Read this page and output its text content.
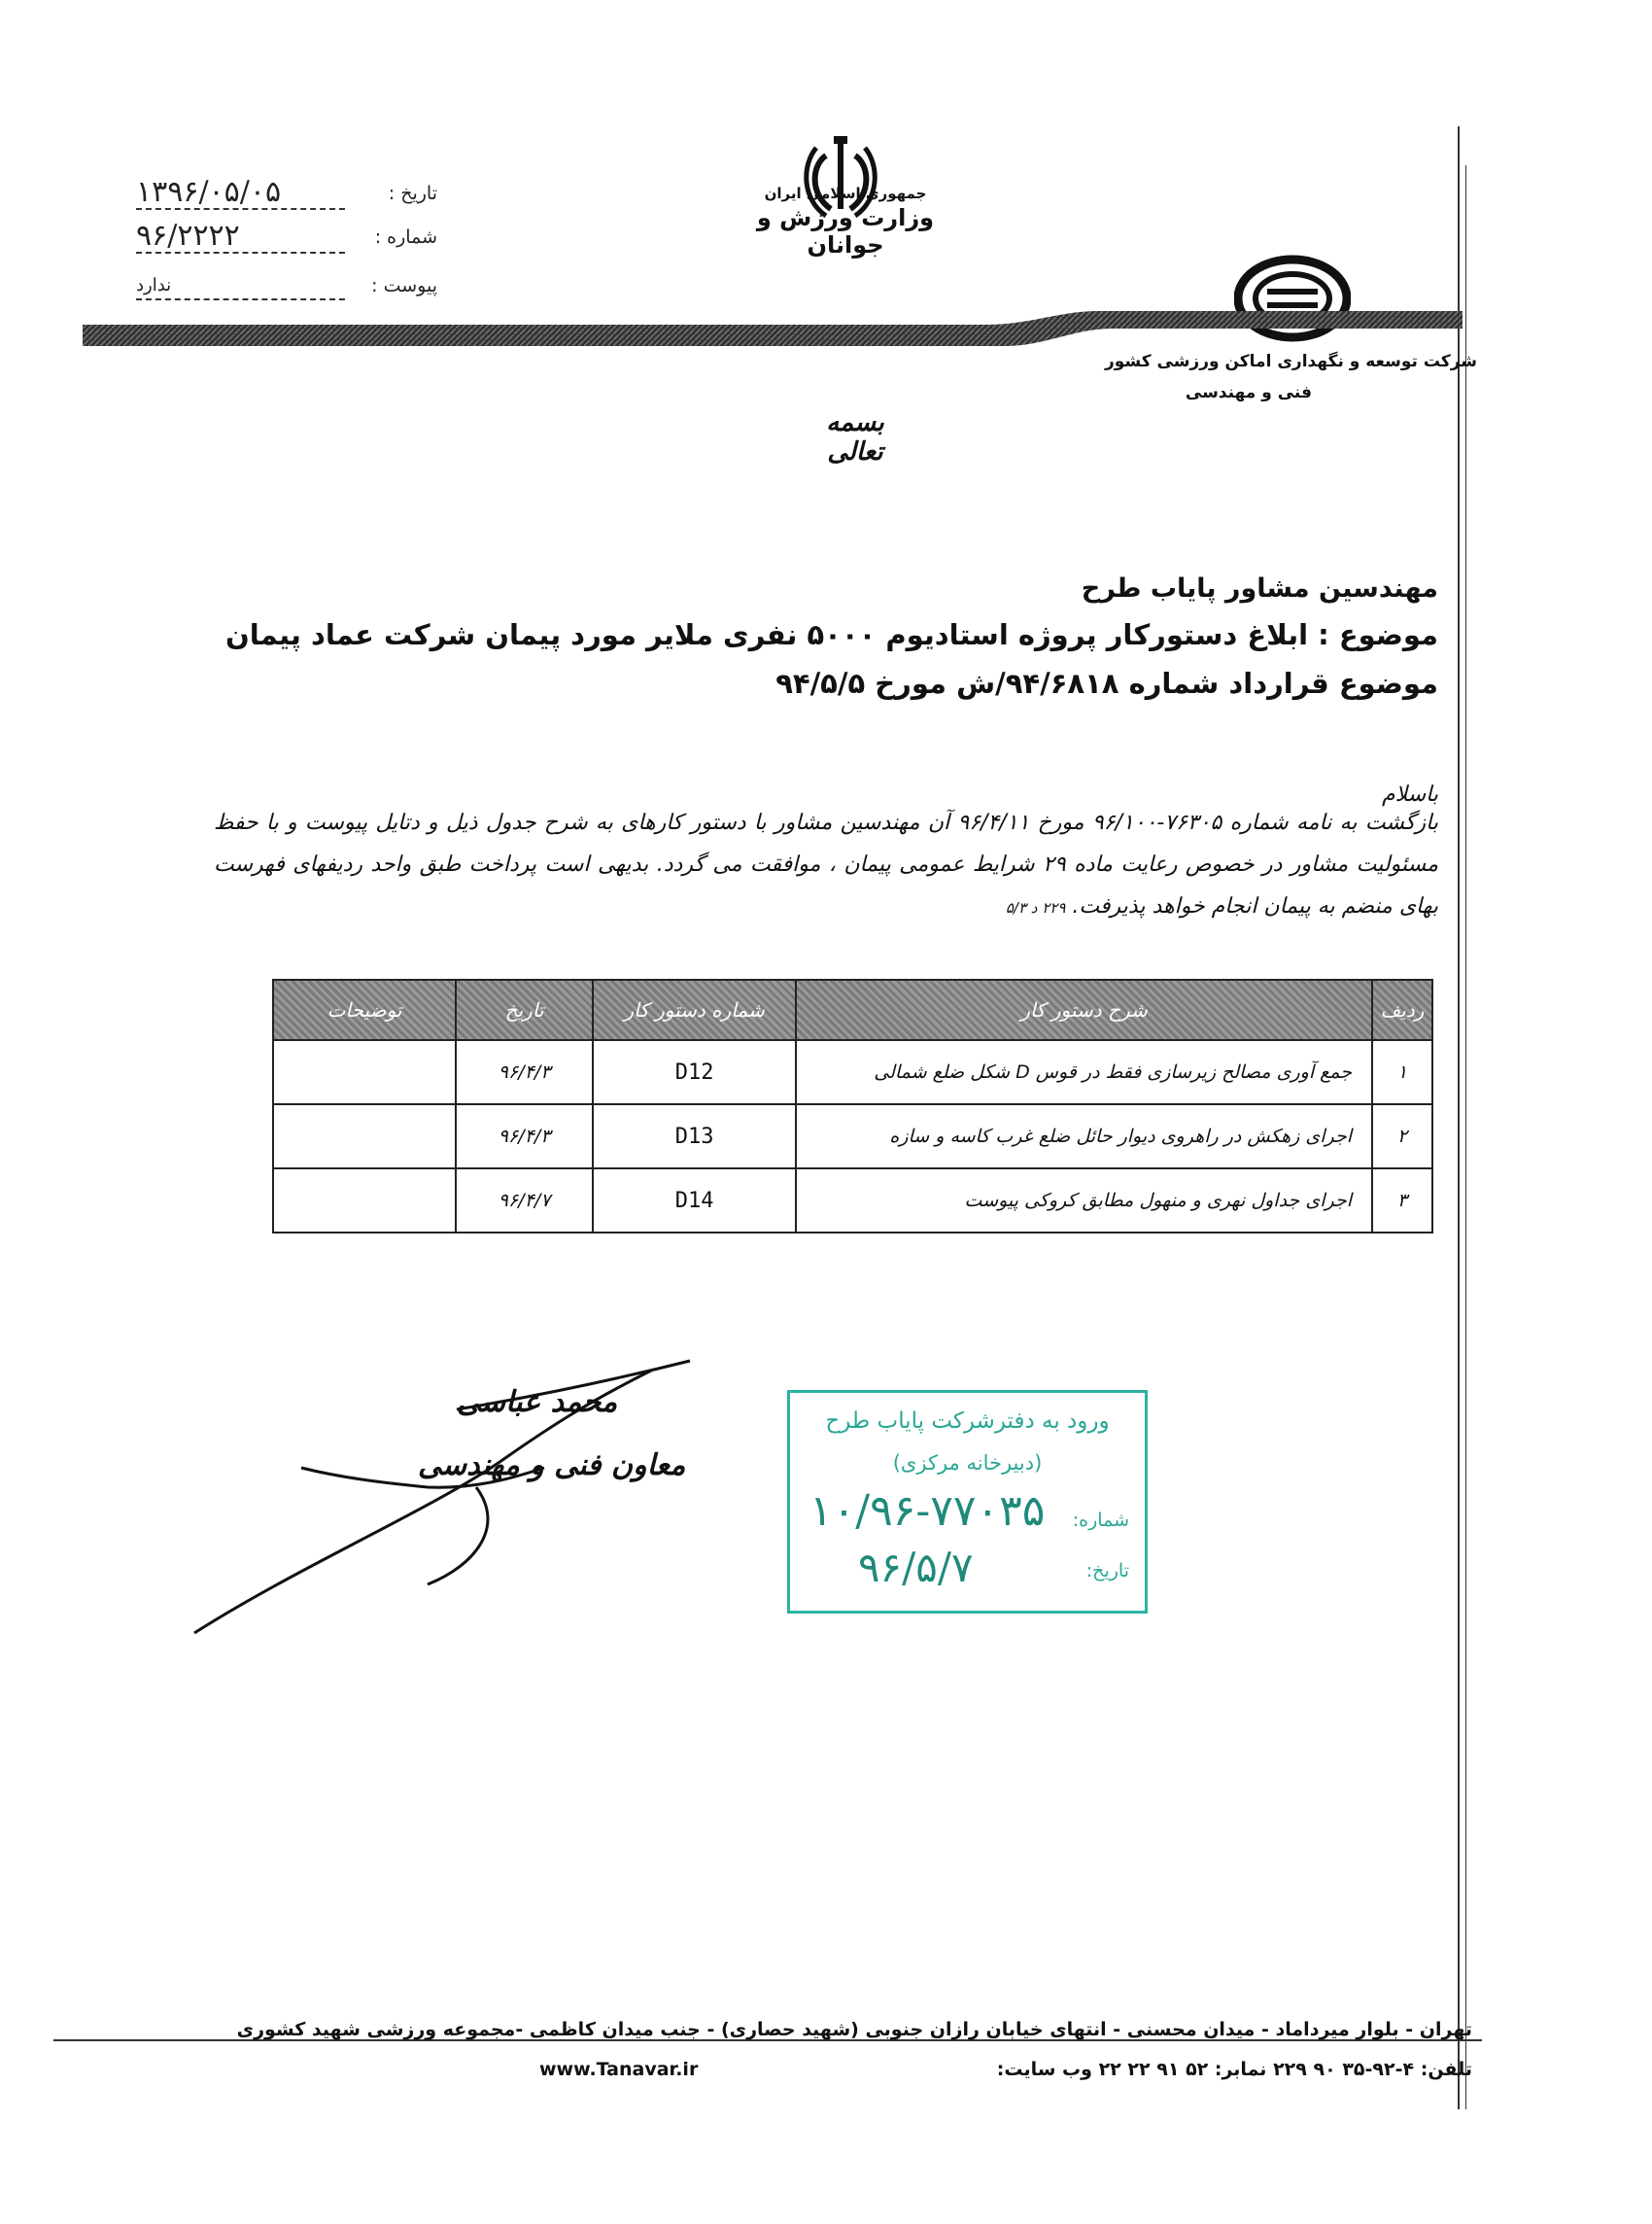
تاریخ :
۱۳۹۶/۰۵/۰۵
شماره :
۹۶/۲۲۲۲
پیوست :
ندارد
جمهوری اسلامی ایران
وزارت ورزش و جوانان
شرکت توسعه و نگهداری اماکن ورزشی کشور
فنی و مهندسی
بسمه تعالی
مهندسین مشاور پایاب طرح
موضوع : ابلاغ دستورکار پروژه استادیوم ۵۰۰۰ نفری ملایر مورد پیمان شرکت عماد پیمان موضوع قرارداد شماره ۹۴/۶۸۱۸/ش مورخ ۹۴/۵/۵
باسلام
بازگشت به نامه شماره ۷۶۳۰۵-۹۶/۱۰۰ مورخ ۹۶/۴/۱۱ آن مهندسین مشاور با دستور کارهای به شرح جدول ذیل و دتایل پیوست و با حفظ مسئولیت مشاور در خصوص رعایت ماده ۲۹ شرایط عمومی پیمان ، موافقت می گردد. بدیهی است پرداخت طبق واحد ردیفهای فهرست بهای منضم به پیمان انجام خواهد پذیرفت. ۲۲۹ د ۵/۳
ردیف	شرح دستور کار	شماره دستور کار	تاریخ	توضیحات
۱	جمع آوری مصالح زیرسازی فقط در قوس D شکل ضلع شمالی	D12	۹۶/۴/۳	
۲	اجرای زهکش در راهروی دیوار حائل ضلع غرب کاسه و سازه	D13	۹۶/۴/۳	
۳	اجرای جداول نهری و منهول مطابق کروکی پیوست	D14	۹۶/۴/۷	
محمد عباسی
معاون فنی و مهندسی
ورود به دفترشرکت پایاب طرح
(دبیرخانه مرکزی)
شماره:
۱۰/۹۶-۷۷۰۳۵
تاریخ:
۹۶/۵/۷
تهران - بلوار میرداماد - میدان محسنی - انتهای خیابان رازان جنوبی (شهید حصاری) - جنب میدان کاظمی -مجموعه ورزشی شهید کشوری
تلفن: ۴-۹۲-۳۵ ۹۰ ۲۲۹ نمابر: ۵۲ ۹۱ ۲۲ ۲۲ وب سایت:
www.Tanavar.ir
